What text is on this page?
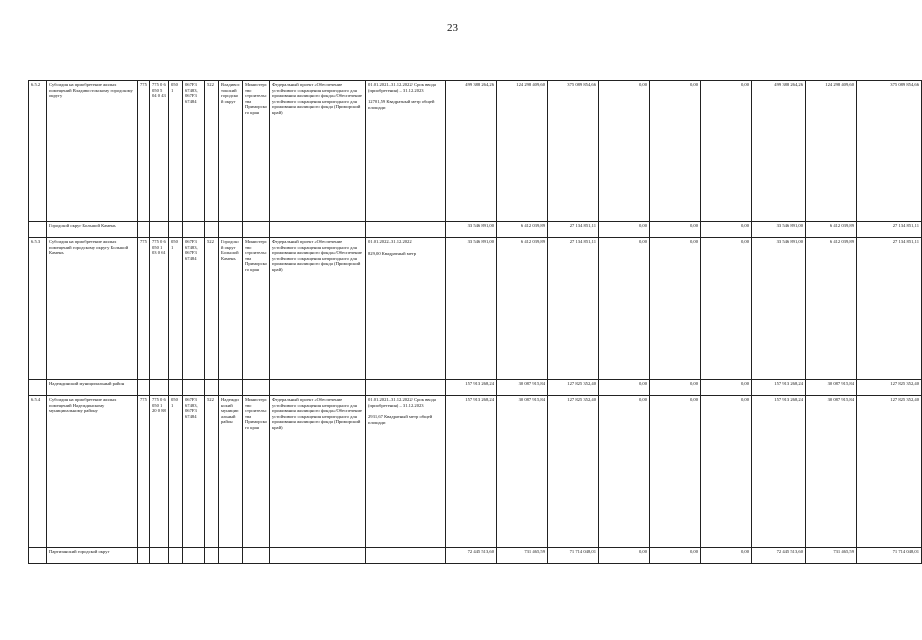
23
6.5.2	Субсидия на приобретение жилых помещений Владивостокскому городскому округу	775	775 0 6 050 5 04 0 43	0501	067F3 67483, 067F3 67484	522	Владивостокский городской округ	Министерство строительства Приморского края	Федеральный проект «Обеспечение устойчивого сокращения непригодного для проживания жилищного фонда»/Обеспечение устойчивого сокращения непригодного для проживания жилищного фонда (Приморский край)	01.01.2021–31.12.2022/ Срок ввода (приобретения) – 31.12.2023
12701,59 Квадратный метр общей площади	499 388 264,26	124 298 409,60	375 089 854,66	0,00	0,00	0,00	499 388 264,26	124 298 409,60	375 089 854,66
	Городской округ Большой Камень										33 546 891,00	6 412 039,89	27 134 851,11	0,00	0,00	0,00	33 546 891,00	6 412 039,89	27 134 851,11
6.5.3	Субсидия на приобретение жилых помещений городскому округу Большой Камень	775	775 0 6 050 1 03 0 61	0501	067F3 67483, 067F3 67484	522	Городской округ Большой Камень	Министерство строительства Приморского края	Федеральный проект «Обеспечение устойчивого сокращения непригодного для проживания жилищного фонда»/Обеспечение устойчивого сокращения непригодного для проживания жилищного фонда (Приморский край)	01.01.2022–31.12.2022
829,00 Квадратный метр	33 546 891,00	6 412 039,89	27 134 851,11	0,00	0,00	0,00	33 546 891,00	6 412 039,89	27 134 851,11
	Надеждинский муниципальный район										157 913 268,24	30 087 915,84	127 825 352,40	0,00	0,00	0,00	157 913 268,24	30 087 915,84	127 825 352,40
6.5.4	Субсидия на приобретение жилых помещений Надеждинскому муниципальному району	775	775 0 6 050 1 20 0 88	0501	067F3 67483, 067F3 67484	522	Надеждинский муниципальный район	Министерство строительства Приморского края	Федеральный проект «Обеспечение устойчивого сокращения непригодного для проживания жилищного фонда»/Обеспечение устойчивого сокращения непригодного для проживания жилищного фонда (Приморский край)	01.01.2021–31.12.2022/ Срок ввода (приобретения) – 31.12.2023
2931,67 Квадратный метр общей площади	157 913 268,24	30 087 915,84	127 825 352,40	0,00	0,00	0,00	157 913 268,24	30 087 915,84	127 825 352,40
	Партизанский городской округ										72 445 513,60	731 465,59	71 714 048,01	0,00	0,00	0,00	72 445 513,60	731 465,59	71 714 048,01
